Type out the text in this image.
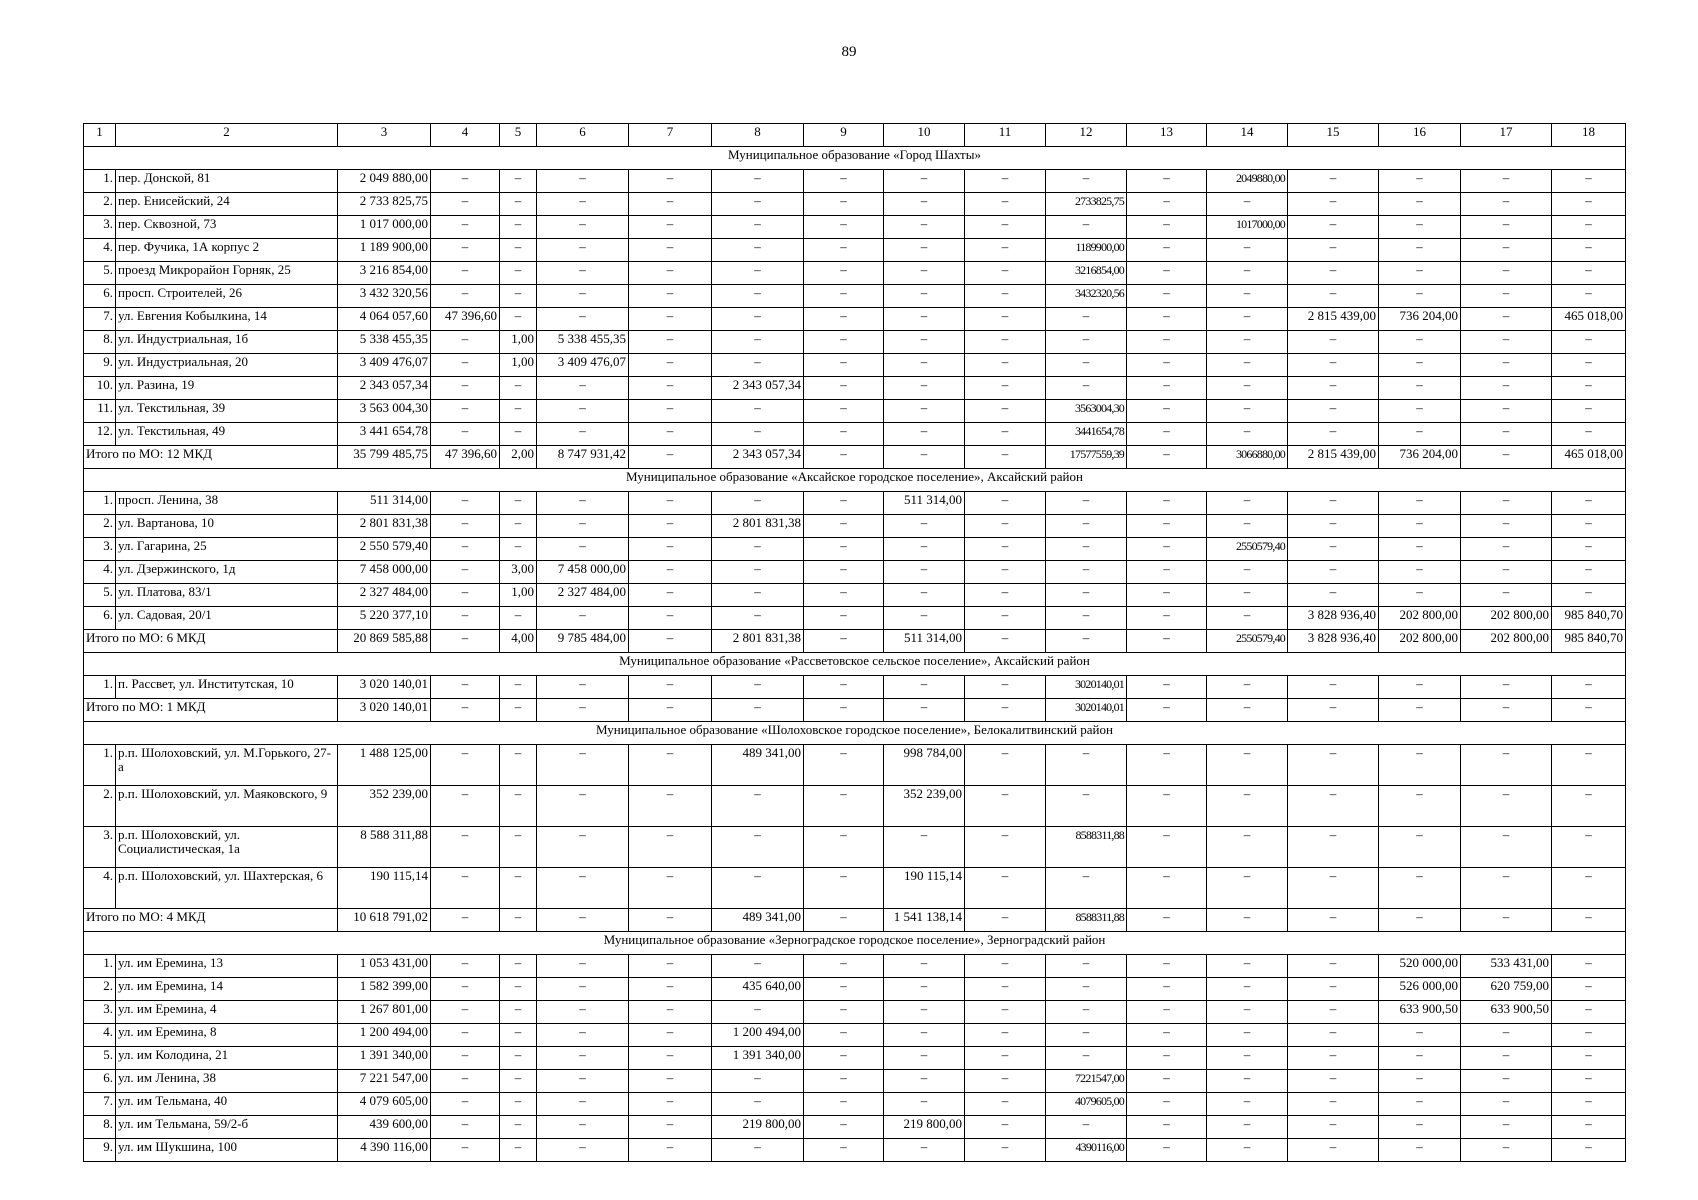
89
1	2	3	4	5	6	7	8	9	10	11	12	13	14	15	16	17	18
Муниципальное образование «Город Шахты»																	
1.	пер. Донской, 81	2 049 880,00	–	–	–	–	–	–	–	–	–	–	2049880,00	–	–	–	–
2.	пер. Енисейский, 24	2 733 825,75	–	–	–	–	–	–	–	–	2733825,75	–	–	–	–	–	–
3.	пер. Сквозной, 73	1 017 000,00	–	–	–	–	–	–	–	–	–	–	1017000,00	–	–	–	–
4.	пер. Фучика, 1А корпус 2	1 189 900,00	–	–	–	–	–	–	–	–	1189900,00	–	–	–	–	–	–
5.	проезд Микрорайон Горняк, 25	3 216 854,00	–	–	–	–	–	–	–	–	3216854,00	–	–	–	–	–	–
6.	просп. Строителей, 26	3 432 320,56	–	–	–	–	–	–	–	–	3432320,56	–	–	–	–	–	–
7.	ул. Евгения Кобылкина, 14	4 064 057,60	47 396,60	–	–	–	–	–	–	–	–	–	–	2 815 439,00	736 204,00	–	465 018,00
8.	ул. Индустриальная, 1б	5 338 455,35	–	1,00	5 338 455,35	–	–	–	–	–	–	–	–	–	–	–	–
9.	ул. Индустриальная, 20	3 409 476,07	–	1,00	3 409 476,07	–	–	–	–	–	–	–	–	–	–	–	–
10.	ул. Разина, 19	2 343 057,34	–	–	–	–	2 343 057,34	–	–	–	–	–	–	–	–	–	–
11.	ул. Текстильная, 39	3 563 004,30	–	–	–	–	–	–	–	–	3563004,30	–	–	–	–	–	–
12.	ул. Текстильная, 49	3 441 654,78	–	–	–	–	–	–	–	–	3441654,78	–	–	–	–	–	–
Итого по МО: 12 МКД		35 799 485,75	47 396,60	2,00	8 747 931,42	–	2 343 057,34	–	–	–	17577559,39	–	3066880,00	2 815 439,00	736 204,00	–	465 018,00
Муниципальное образование «Аксайское городское поселение», Аксайский район																	
1.	просп. Ленина, 38	511 314,00	–	–	–	–	–	–	511 314,00	–	–	–	–	–	–	–	–
2.	ул. Вартанова, 10	2 801 831,38	–	–	–	–	2 801 831,38	–	–	–	–	–	–	–	–	–	–
3.	ул. Гагарина, 25	2 550 579,40	–	–	–	–	–	–	–	–	–	–	2550579,40	–	–	–	–
4.	ул. Дзержинского, 1д	7 458 000,00	–	3,00	7 458 000,00	–	–	–	–	–	–	–	–	–	–	–	–
5.	ул. Платова, 83/1	2 327 484,00	–	1,00	2 327 484,00	–	–	–	–	–	–	–	–	–	–	–	–
6.	ул. Садовая, 20/1	5 220 377,10	–	–	–	–	–	–	–	–	–	–	–	3 828 936,40	202 800,00	202 800,00	985 840,70
Итого по МО: 6 МКД		20 869 585,88	–	4,00	9 785 484,00	–	2 801 831,38	–	511 314,00	–	–	–	2550579,40	3 828 936,40	202 800,00	202 800,00	985 840,70
Муниципальное образование «Рассветовское сельское поселение», Аксайский район																	
1.	п. Рассвет, ул. Институтская, 10	3 020 140,01	–	–	–	–	–	–	–	–	3020140,01	–	–	–	–	–	–
Итого по МО: 1 МКД		3 020 140,01	–	–	–	–	–	–	–	–	3020140,01	–	–	–	–	–	–
Муниципальное образование «Шолоховское городское поселение», Белокалитвинский район																	
1.	р.п. Шолоховский, ул. М.Горького, 27-а	1 488 125,00	–	–	–	–	489 341,00	–	998 784,00	–	–	–	–	–	–	–	–
2.	р.п. Шолоховский, ул. Маяковского, 9	352 239,00	–	–	–	–	–	–	352 239,00	–	–	–	–	–	–	–	–
3.	р.п. Шолоховский, ул. Социалистическая, 1а	8 588 311,88	–	–	–	–	–	–	–	–	8588311,88	–	–	–	–	–	–
4.	р.п. Шолоховский, ул. Шахтерская, 6	190 115,14	–	–	–	–	–	–	190 115,14	–	–	–	–	–	–	–	–
Итого по МО: 4 МКД		10 618 791,02	–	–	–	–	489 341,00	–	1 541 138,14	–	8588311,88	–	–	–	–	–	–
Муниципальное образование «Зерноградское городское поселение», Зерноградский район																	
1.	ул. им Еремина, 13	1 053 431,00	–	–	–	–	–	–	–	–	–	–	–	–	520 000,00	533 431,00	–
2.	ул. им Еремина, 14	1 582 399,00	–	–	–	–	435 640,00	–	–	–	–	–	–	–	526 000,00	620 759,00	–
3.	ул. им Еремина, 4	1 267 801,00	–	–	–	–	–	–	–	–	–	–	–	–	633 900,50	633 900,50	–
4.	ул. им Еремина, 8	1 200 494,00	–	–	–	–	1 200 494,00	–	–	–	–	–	–	–	–	–	–
5.	ул. им Колодина, 21	1 391 340,00	–	–	–	–	1 391 340,00	–	–	–	–	–	–	–	–	–	–
6.	ул. им Ленина, 38	7 221 547,00	–	–	–	–	–	–	–	–	7221547,00	–	–	–	–	–	–
7.	ул. им Тельмана, 40	4 079 605,00	–	–	–	–	–	–	–	–	4079605,00	–	–	–	–	–	–
8.	ул. им Тельмана, 59/2-б	439 600,00	–	–	–	–	219 800,00	–	219 800,00	–	–	–	–	–	–	–	–
9.	ул. им Шукшина, 100	4 390 116,00	–	–	–	–	–	–	–	–	4390116,00	–	–	–	–	–	–
